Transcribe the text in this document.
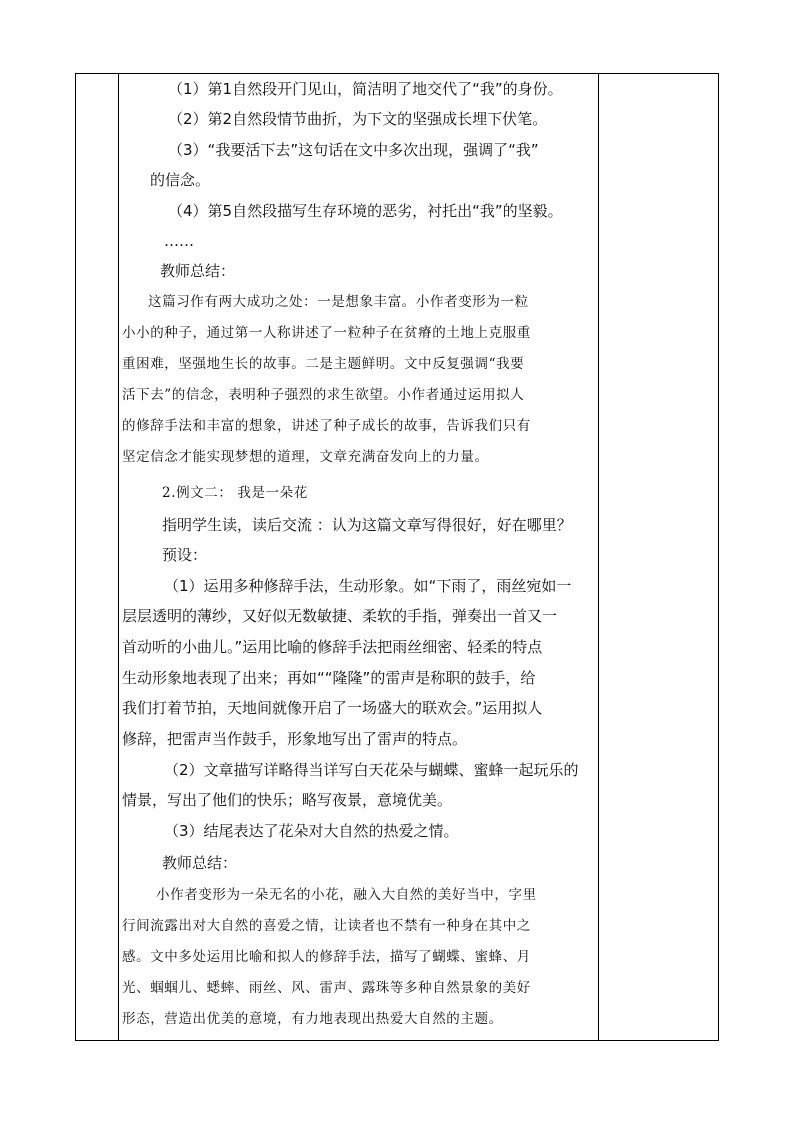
（1）第1自然段开门见山，简洁明了地交代了“我”的身份。
（2）第2自然段情节曲折，为下文的坚强成长埋下伏笔。
（3）“我要活下去”这句话在文中多次出现，强调了“我”
的信念。
（4）第5自然段描写生存环境的恶劣，衬托出“我”的坚毅。
……
教师总结：
这篇习作有两大成功之处：一是想象丰富。小作者变形为一粒
小小的种子，通过第一人称讲述了一粒种子在贫瘠的土地上克服重
重困难，坚强地生长的故事。二是主题鲜明。文中反复强调“我要
活下去”的信念，表明种子强烈的求生欲望。小作者通过运用拟人
的修辞手法和丰富的想象，讲述了种子成长的故事，告诉我们只有
坚定信念才能实现梦想的道理，文章充满奋发向上的力量。
2.例文二： 我是一朵花
指明学生读，读后交流 ：认为这篇文章写得很好，好在哪里？
预设：
（1）运用多种修辞手法，生动形象。如“下雨了，雨丝宛如一
层层透明的薄纱，又好似无数敏捷、柔软的手指，弹奏出一首又一
首动听的小曲儿。”运用比喻的修辞手法把雨丝细密、轻柔的特点
生动形象地表现了出来；再如““隆隆”的雷声是称职的鼓手，给
我们打着节拍，天地间就像开启了一场盛大的联欢会。”运用拟人
修辞，把雷声当作鼓手，形象地写出了雷声的特点。
（2）文章描写详略得当详写白天花朵与蝴蝶、蜜蜂一起玩乐的
情景，写出了他们的快乐；略写夜景，意境优美。
（3）结尾表达了花朵对大自然的热爱之情。
教师总结：
小作者变形为一朵无名的小花，融入大自然的美好当中，字里
行间流露出对大自然的喜爱之情，让读者也不禁有一种身在其中之
感。文中多处运用比喻和拟人的修辞手法，描写了蝴蝶、蜜蜂、月
光、蝈蝈儿、蟋蟀、雨丝、风、雷声、露珠等多种自然景象的美好
形态，营造出优美的意境，有力地表现出热爱大自然的主题。
